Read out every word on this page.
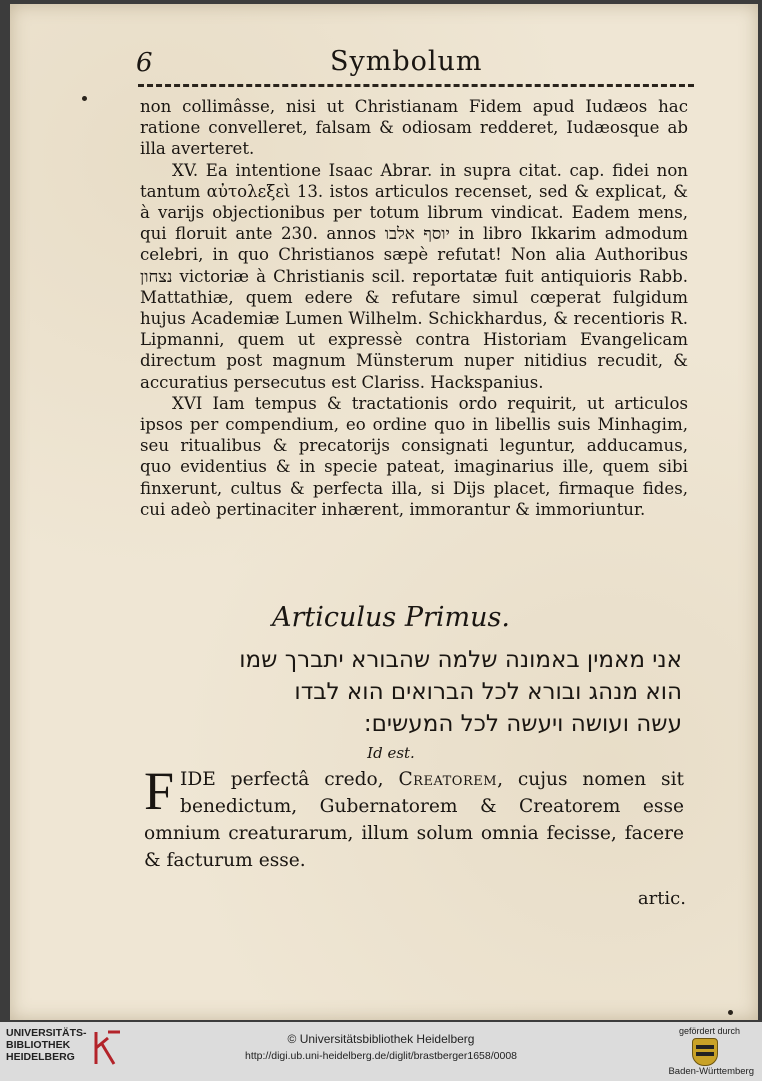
6	Symbolum

non collimâsse, nisi ut Christianam Fidem apud Iudæos hac ratione convelleret, falsam & odiosam redderet, Iudæosque ab illa averteret.

XV. Ea intentione Isaac Abrar. in supra citat. cap. fidei non tantum αὐτολεξεὶ 13. istos articulos recenset, sed & explicat, & à varijs objectionibus per totum librum vindicat. Eadem mens, qui floruit ante 230. annos יוסף אלבו in libro Ikkarim admodum celebri, in quo Christianos sæpè refutat! Non alia Authoribus נצחון victoriæ à Christianis scil. reportatæ fuit antiquioris Rabb. Mattathiæ, quem edere & refutare simul cœperat fulgidum hujus Academiæ Lumen Wilhelm. Schickhardus, & recentioris R. Lipmanni, quem ut expressè contra Historiam Evangelicam directum post magnum Münsterum nuper nitidius recudit, & accuratius persecutus est Clariss. Hackspanius.

XVI Iam tempus & tractationis ordo requirit, ut articulos ipsos per compendium, eo ordine quo in libellis suis Minhagim, seu ritualibus & precatorijs consignati leguntur, adducamus, quo evidentius & in specie pateat, imaginarius ille, quem sibi finxerunt, cultus & perfecta illa, si Dijs placet, firmaque fides, cui adeò pertinaciter inhærent, immorantur & immoriuntur.

Articulus Primus.

אני מאמין באמונה שלמה שהבורא יתברך שמו

הוא מנהג ובורא לכל הברואים הוא לבדו

עשה ועושה ויעשה לכל המעשים:

Id est.
FIDE perfectâ credo, Creatorem, cujus nomen sit benedictum, Gubernatorem & Creatorem esse omnium creaturarum, illum solum omnia fecisse, facere & facturum esse.
artic.
UNIVERSITÄTS-
BIBLIOTHEK
HEIDELBERG
© Universitätsbibliothek Heidelberg
http://digi.ub.uni-heidelberg.de/diglit/brastberger1658/0008
gefördert durch
Baden-Württemberg
